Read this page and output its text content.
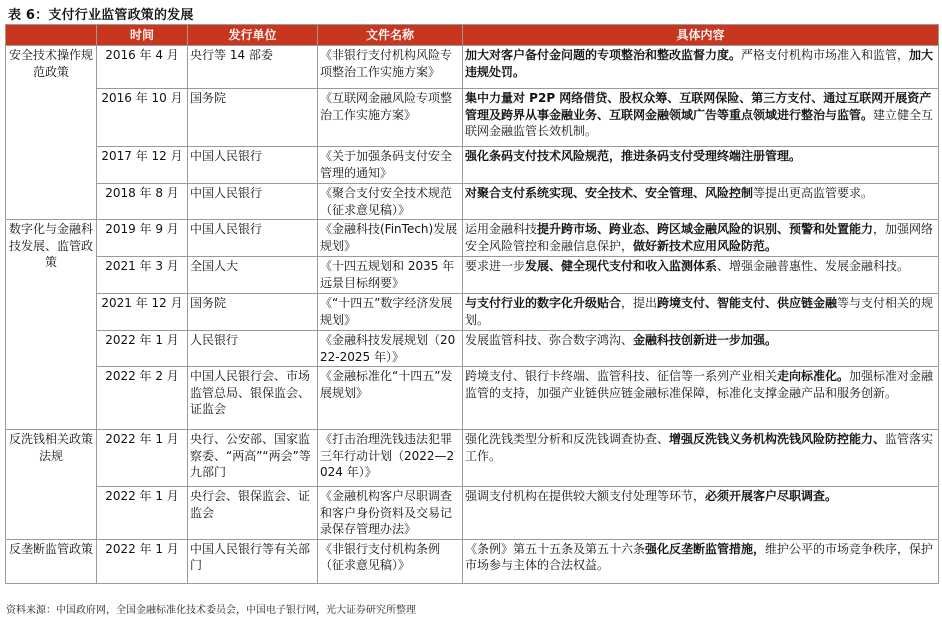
表 6：支付行业监管政策的发展
	时间	发行单位	文件名称	具体内容
安全技术操作规范政策	2016 年 4 月	央行等 14 部委	《非银行支付机构风险专项整治工作实施方案》	加大对客户备付金问题的专项整治和整改监督力度。严格支付机构市场准入和监管，加大违规处罚。
	2016 年 10 月	国务院	《互联网金融风险专项整治工作实施方案》	集中力量对 P2P 网络借贷、股权众筹、互联网保险、第三方支付、通过互联网开展资产管理及跨界从事金融业务、互联网金融领域广告等重点领域进行整治与监管。建立健全互联网金融监管长效机制。
	2017 年 12 月	中国人民银行	《关于加强条码支付安全管理的通知》	强化条码支付技术风险规范，推进条码支付受理终端注册管理。
	2018 年 8 月	中国人民银行	《聚合支付安全技术规范（征求意见稿）》	对聚合支付系统实现、安全技术、安全管理、风险控制等提出更高监管要求。
数字化与金融科技发展、监管政策	2019 年 9 月	中国人民银行	《金融科技(FinTech)发展规划》	运用金融科技提升跨市场、跨业态、跨区域金融风险的识别、预警和处置能力，加强网络安全风险管控和金融信息保护，做好新技术应用风险防范。
	2021 年 3 月	全国人大	《十四五规划和 2035 年远景目标纲要》	要求进一步发展、健全现代支付和收入监测体系、增强金融普惠性、发展金融科技。
	2021 年 12 月	国务院	《“十四五”数字经济发展规划》	与支付行业的数字化升级贴合，提出跨境支付、智能支付、供应链金融等与支付相关的规划。
	2022 年 1 月	人民银行	《金融科技发展规划（2022-2025 年）》	发展监管科技、弥合数字鸿沟、金融科技创新进一步加强。
	2022 年 2 月	中国人民银行会、市场监管总局、银保监会、证监会	《金融标准化“十四五”发展规划》	跨境支付、银行卡终端、监管科技、征信等一系列产业相关走向标准化。加强标准对金融监管的支持，加强产业链供应链金融标准保障，标准化支撑金融产品和服务创新。
反洗钱相关政策法规	2022 年 1 月	央行、公安部、国家监察委、“两高”“两会”等九部门	《打击治理洗钱违法犯罪三年行动计划（2022—2024 年）》	强化洗钱类型分析和反洗钱调查协查、增强反洗钱义务机构洗钱风险防控能力、监管落实工作。
	2022 年 1 月	央行会、银保监会、证监会	《金融机构客户尽职调查和客户身份资料及交易记录保存管理办法》	强调支付机构在提供较大额支付处理等环节，必须开展客户尽职调查。
反垄断监管政策	2022 年 1 月	中国人民银行等有关部门	《非银行支付机构条例（征求意见稿）》	《条例》第五十五条及第五十六条强化反垄断监管措施，维护公平的市场竞争秩序，保护市场参与主体的合法权益。
资料来源：中国政府网，全国金融标准化技术委员会，中国电子银行网，光大证券研究所整理
